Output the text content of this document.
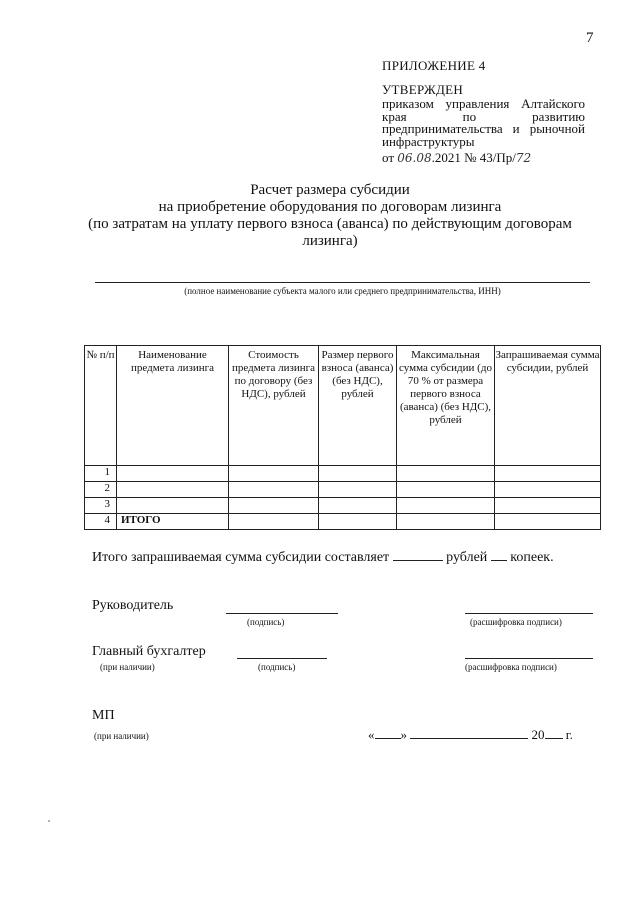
7
ПРИЛОЖЕНИЕ 4
УТВЕРЖДЕН
приказом управления Алтайского края по развитию предпринимательства и рыночной инфраструктуры
от 06.08.2021 № 43/Пр/72
Расчет размера субсидии
на приобретение оборудования по договорам лизинга
(по затратам на уплату первого взноса (аванса) по действующим договорам
лизинга)
(полное наименование субъекта малого или среднего предпринимательства, ИНН)
№ п/п	Наименование предмета лизинга	Стоимость предмета лизинга по договору (без НДС), рублей	Размер первого взноса (аванса) (без НДС), рублей	Максимальная сумма субсидии (до 70 % от размера первого взноса (аванса) (без НДС), рублей	Запрашиваемая сумма субсидии, рублей
1					
2					
3					
4	ИТОГО				
Итого запрашиваемая сумма субсидии составляет	рублей копеек.
Руководитель
(подпись)	(расшифровка подписи)
Главный бухгалтер
(при наличии)	(подпись)	(расшифровка подписи)
МП
(при наличии)	« »	20 г.
